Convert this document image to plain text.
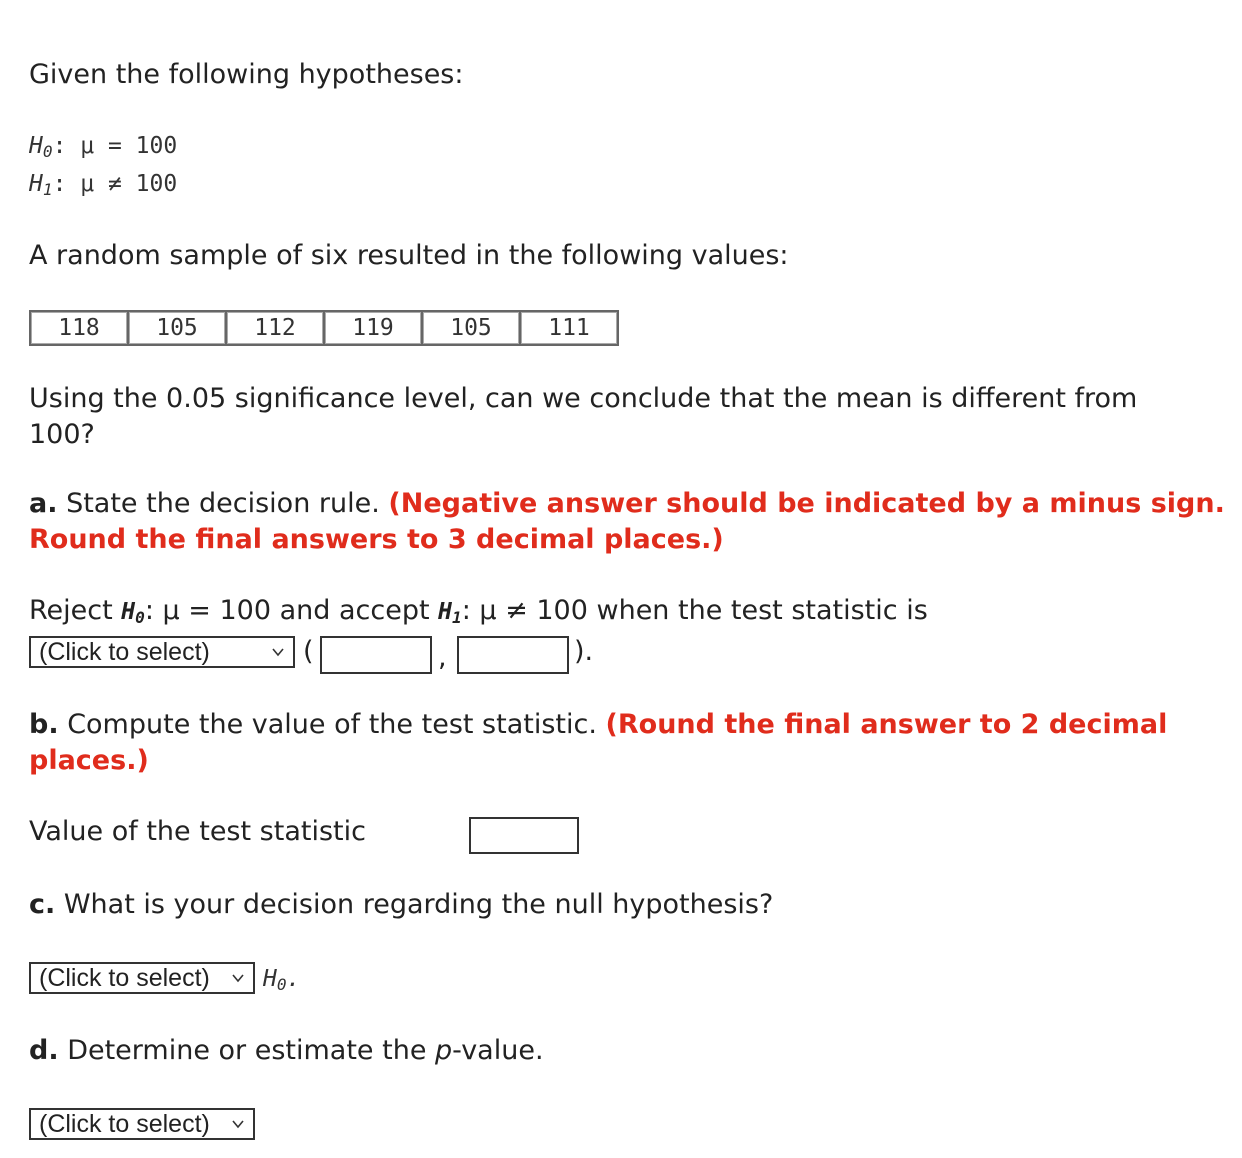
Given the following hypotheses:
$H_0$: μ = 100
$H_1$: μ ≠ 100
A random sample of six resulted in the following values:
118	105	112	119	105	111
Using the 0.05 significance level, can we conclude that the mean is different from
100?
a. State the decision rule. (Negative answer should be indicated by a minus sign.
Round the final answers to 3 decimal places.)
Reject $H_0$: μ = 100 and accept $H_1$: μ ≠ 100 when the test statistic is
(Click to select)	(	,	).
b. Compute the value of the test statistic. (Round the final answer to 2 decimal
places.)
Value of the test statistic
c. What is your decision regarding the null hypothesis?
(Click to select)	$H_0$.
d. Determine or estimate the p-value.
(Click to select)
